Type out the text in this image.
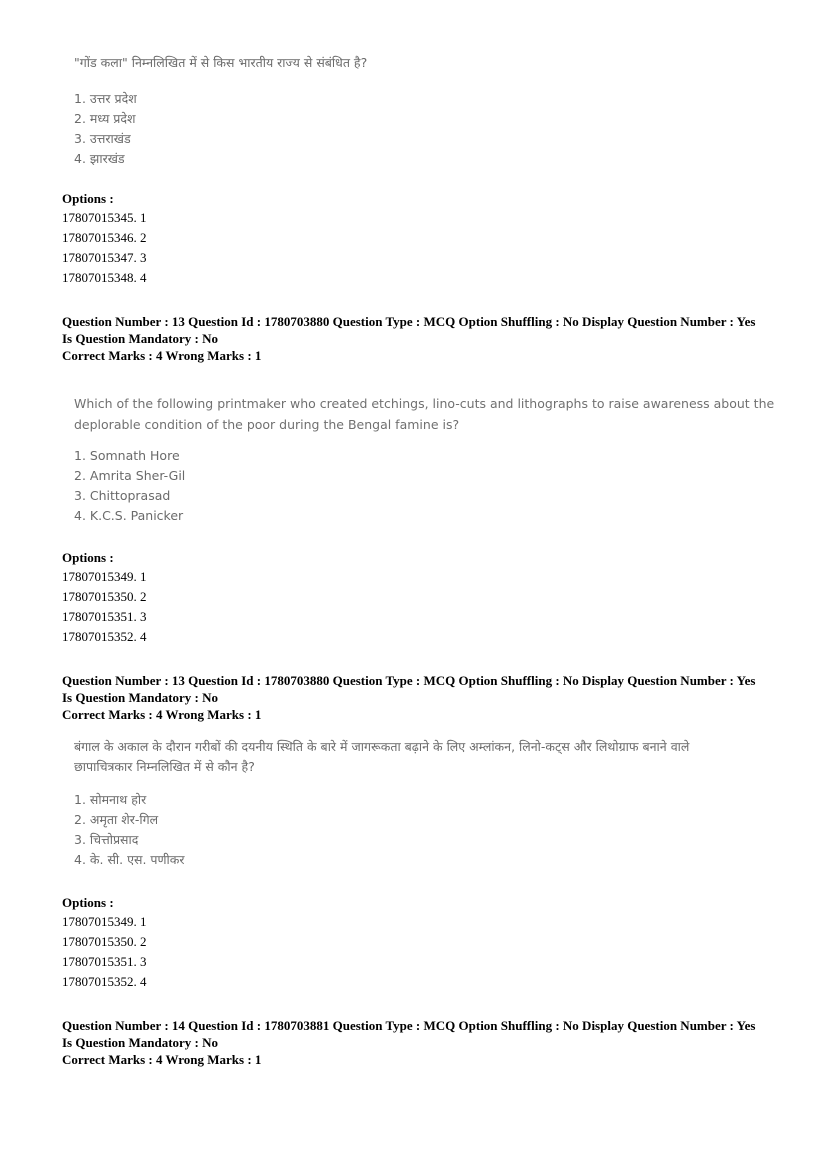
"गोंड कला" निम्नलिखित में से किस भारतीय राज्य से संबंधित है?

1. उत्तर प्रदेश
2. मध्य प्रदेश
3. उत्तराखंड
4. झारखंड
Options :
17807015345. 1
17807015346. 2
17807015347. 3
17807015348. 4
Question Number : 13 Question Id : 1780703880 Question Type : MCQ Option Shuffling : No Display Question Number : Yes
Is Question Mandatory : No
Correct Marks : 4 Wrong Marks : 1

Which of the following printmaker who created etchings, lino-cuts and lithographs to raise awareness about the

deplorable condition of the poor during the Bengal famine is?

1. Somnath Hore
2. Amrita Sher-Gil
3. Chittoprasad
4. K.C.S. Panicker
Options :
17807015349. 1
17807015350. 2
17807015351. 3
17807015352. 4
Question Number : 13 Question Id : 1780703880 Question Type : MCQ Option Shuffling : No Display Question Number : Yes
Is Question Mandatory : No
Correct Marks : 4 Wrong Marks : 1

बंगाल के अकाल के दौरान गरीबों की दयनीय स्थिति के बारे में जागरूकता बढ़ाने के लिए अम्लांकन, लिनो-कट्स और लिथोग्राफ बनाने वाले

छापाचित्रकार निम्नलिखित में से कौन है?

1. सोमनाथ होर
2. अमृता शेर-गिल
3. चित्तोप्रसाद
4. के. सी. एस. पणीकर
Options :
17807015349. 1
17807015350. 2
17807015351. 3
17807015352. 4
Question Number : 14 Question Id : 1780703881 Question Type : MCQ Option Shuffling : No Display Question Number : Yes
Is Question Mandatory : No
Correct Marks : 4 Wrong Marks : 1
